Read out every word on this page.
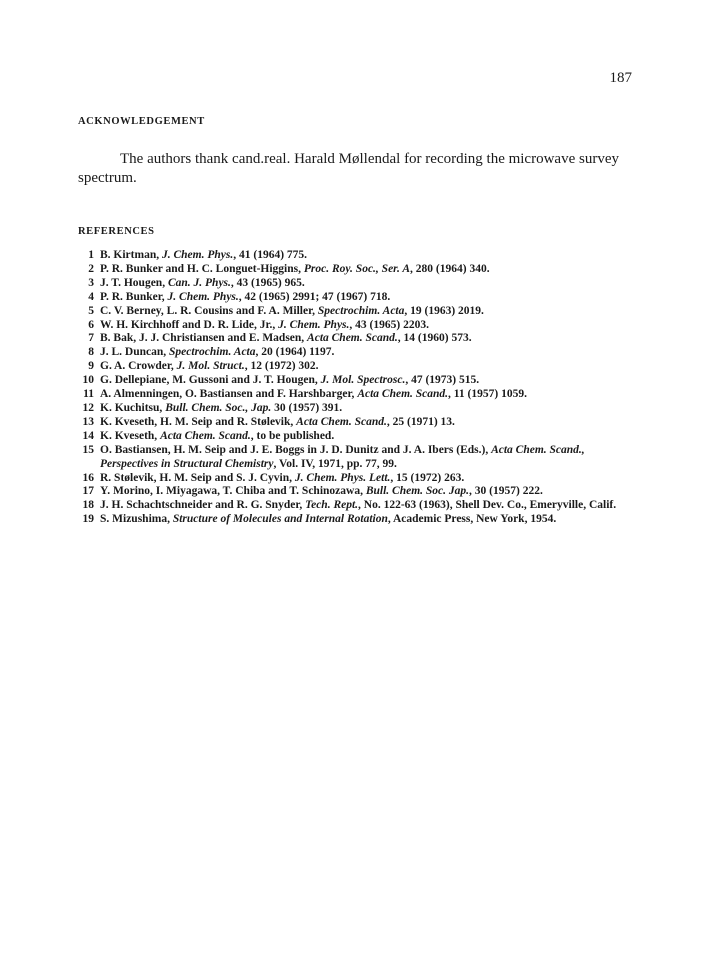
187
ACKNOWLEDGEMENT

The authors thank cand.real. Harald Møllendal for recording the microwave survey spectrum.

REFERENCES
1 B. Kirtman, J. Chem. Phys., 41 (1964) 775.
2 P. R. Bunker and H. C. Longuet-Higgins, Proc. Roy. Soc., Ser. A, 280 (1964) 340.
3 J. T. Hougen, Can. J. Phys., 43 (1965) 965.
4 P. R. Bunker, J. Chem. Phys., 42 (1965) 2991; 47 (1967) 718.
5 C. V. Berney, L. R. Cousins and F. A. Miller, Spectrochim. Acta, 19 (1963) 2019.
6 W. H. Kirchhoff and D. R. Lide, Jr., J. Chem. Phys., 43 (1965) 2203.
7 B. Bak, J. J. Christiansen and E. Madsen, Acta Chem. Scand., 14 (1960) 573.
8 J. L. Duncan, Spectrochim. Acta, 20 (1964) 1197.
9 G. A. Crowder, J. Mol. Struct., 12 (1972) 302.
10 G. Dellepiane, M. Gussoni and J. T. Hougen, J. Mol. Spectrosc., 47 (1973) 515.
11 A. Almenningen, O. Bastiansen and F. Harshbarger, Acta Chem. Scand., 11 (1957) 1059.
12 K. Kuchitsu, Bull. Chem. Soc., Jap. 30 (1957) 391.
13 K. Kveseth, H. M. Seip and R. Stølevik, Acta Chem. Scand., 25 (1971) 13.
14 K. Kveseth, Acta Chem. Scand., to be published.
15 O. Bastiansen, H. M. Seip and J. E. Boggs in J. D. Dunitz and J. A. Ibers (Eds.), Acta Chem. Scand., Perspectives in Structural Chemistry, Vol. IV, 1971, pp. 77, 99.
16 R. Stølevik, H. M. Seip and S. J. Cyvin, J. Chem. Phys. Lett., 15 (1972) 263.
17 Y. Morino, I. Miyagawa, T. Chiba and T. Schinozawa, Bull. Chem. Soc. Jap., 30 (1957) 222.
18 J. H. Schachtschneider and R. G. Snyder, Tech. Rept., No. 122-63 (1963), Shell Dev. Co., Emeryville, Calif.
19 S. Mizushima, Structure of Molecules and Internal Rotation, Academic Press, New York, 1954.
